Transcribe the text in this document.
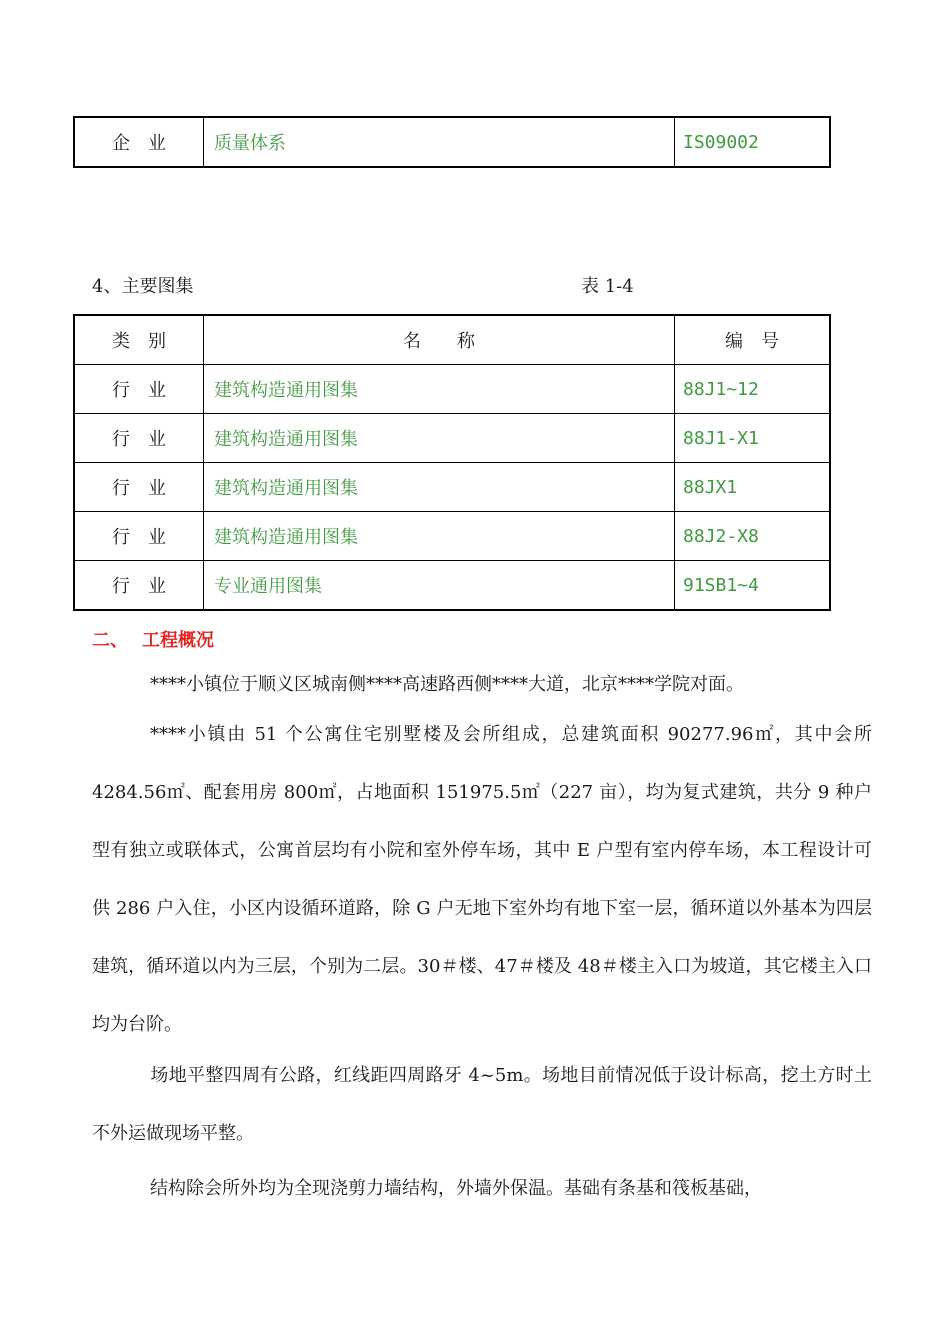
企　业	质量体系	IS09002
4、主要图集	表 1-4
类　别	名　　称	编　号
行　业	建筑构造通用图集	88J1~12
行　业	建筑构造通用图集	88J1-X1
行　业	建筑构造通用图集	88JX1
行　业	建筑构造通用图集	88J2-X8
行　业	专业通用图集	91SB1~4
二、 工程概况
****小镇位于顺义区城南侧****高速路西侧****大道，北京****学院对面。
****小镇由 51 个公寓住宅别墅楼及会所组成，总建筑面积 90277.96㎡，其中会所 4284.56㎡、配套用房 800㎡，占地面积 151975.5㎡（227 亩），均为复式建筑，共分 9 种户型有独立或联体式，公寓首层均有小院和室外停车场，其中 E 户型有室内停车场，本工程设计可供 286 户入住，小区内设循环道路，除 G 户无地下室外均有地下室一层，循环道以外基本为四层建筑，循环道以内为三层，个别为二层。30＃楼、47＃楼及 48＃楼主入口为坡道，其它楼主入口均为台阶。
场地平整四周有公路，红线距四周路牙 4~5m。场地目前情况低于设计标高，挖土方时土不外运做现场平整。
结构除会所外均为全现浇剪力墙结构，外墙外保温。基础有条基和筏板基础，
